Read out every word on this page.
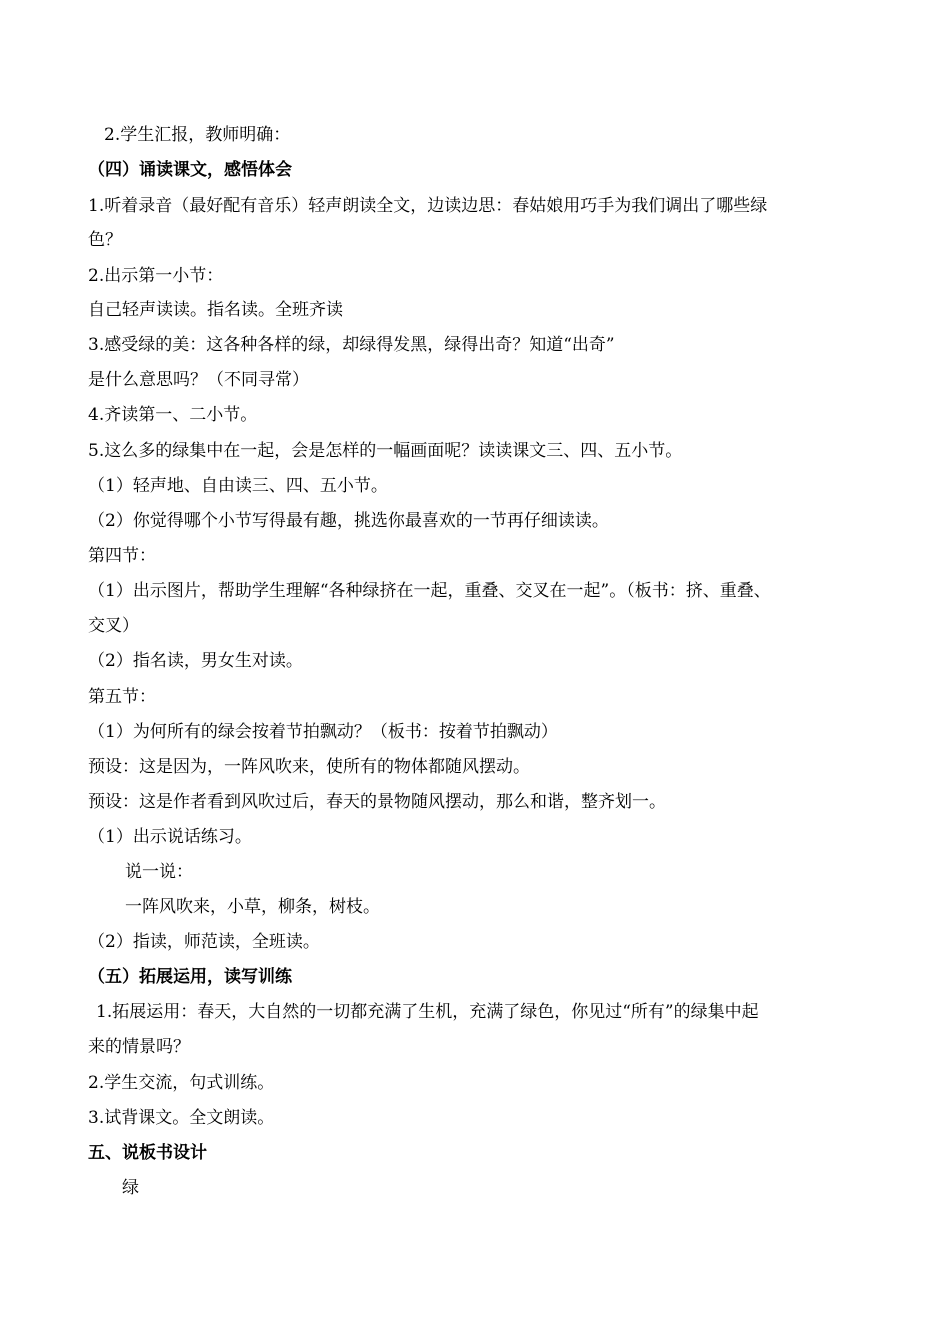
2.学生汇报，教师明确：
（四）诵读课文，感悟体会
1.听着录音（最好配有音乐）轻声朗读全文，边读边思：春姑娘用巧手为我们调出了哪些绿
色？
2.出示第一小节：
自己轻声读读。指名读。全班齐读
3.感受绿的美：这各种各样的绿，却绿得发黑，绿得出奇？知道“出奇”
是什么意思吗？（不同寻常）
4.齐读第一、二小节。
5.这么多的绿集中在一起，会是怎样的一幅画面呢？读读课文三、四、五小节。
（1）轻声地、自由读三、四、五小节。
（2）你觉得哪个小节写得最有趣，挑选你最喜欢的一节再仔细读读。
第四节：
（1）出示图片，帮助学生理解“各种绿挤在一起，重叠、交叉在一起”。（板书：挤、重叠、
交叉）
（2）指名读，男女生对读。
第五节：
（1）为何所有的绿会按着节拍飘动？（板书：按着节拍飘动）
预设：这是因为，一阵风吹来，使所有的物体都随风摆动。
预设：这是作者看到风吹过后，春天的景物随风摆动，那么和谐，整齐划一。
（1）出示说话练习。
说一说：
一阵风吹来，小草，柳条，树枝。
（2）指读，师范读，全班读。
（五）拓展运用，读写训练
1.拓展运用：春天，大自然的一切都充满了生机，充满了绿色，你见过“所有”的绿集中起
来的情景吗？
2.学生交流，句式训练。
3.试背课文。全文朗读。
五、说板书设计
绿
